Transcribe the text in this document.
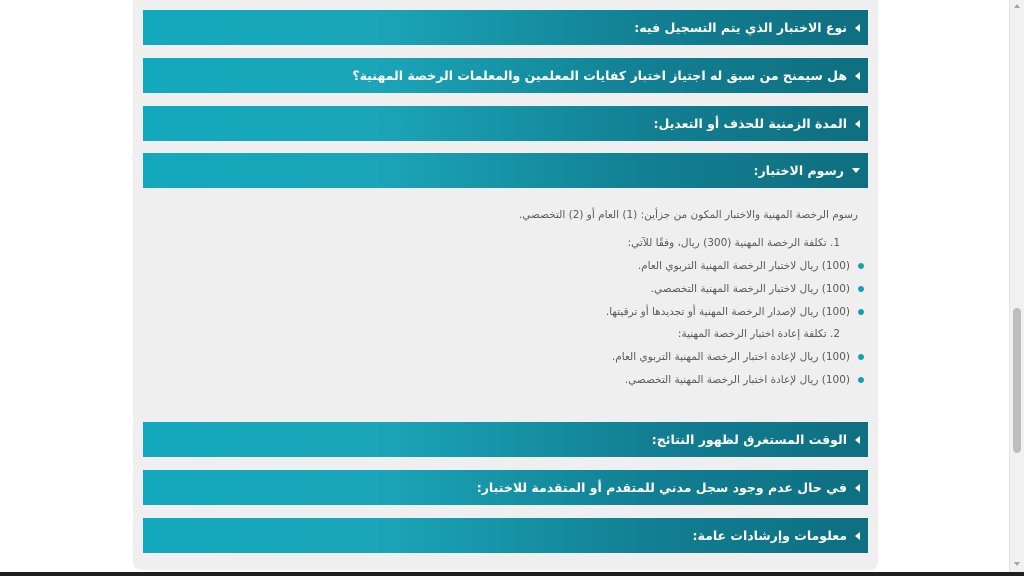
نوع الاختبار الذي يتم التسجيل فيه:
هل سيمنح من سبق له اجتياز اختبار كفايات المعلمين والمعلمات الرخصة المهنية؟
المدة الزمنية للحذف أو التعديل:
رسوم الاختبار:
رسوم الرخصة المهنية والاختبار المكون من جزأين: (1) العام أو (2) التخصصي.
1. تكلفة الرخصة المهنية (300) ريال، وفقًا للآتي:
(100) ريال لاختبار الرخصة المهنية التربوي العام.
(100) ريال لاختبار الرخصة المهنية التخصصي.
(100) ريال لإصدار الرخصة المهنية أو تجديدها أو ترقيتها.
2. تكلفة إعادة اختبار الرخصة المهنية:
(100) ريال لإعادة اختبار الرخصة المهنية التربوي العام.
(100) ريال لإعادة اختبار الرخصة المهنية التخصصي.
الوقت المستغرق لظهور النتائج:
في حال عدم وجود سجل مدني للمتقدم أو المتقدمة للاختبار:
معلومات وإرشادات عامة:
